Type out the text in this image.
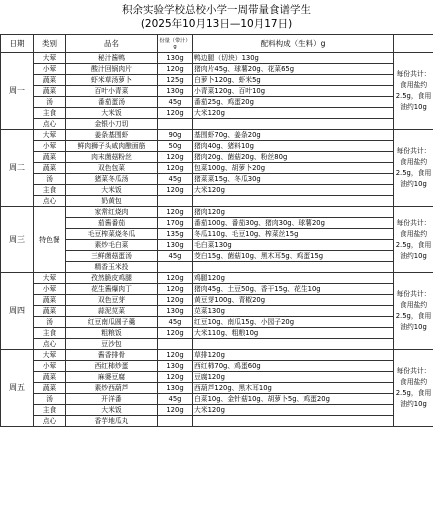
积余实验学校总校小学一周带量食谱学生
(2025年10月13日—10月17日)
日期	类别	品名	份量（带汁）g	配料构成（生料）g	
周一	大荤	秘汁酱鸭	130g	鸭边腿（切块）130g	每份共计：食用盐约2.5g，食用油约10g
	小荤	酸汁回锅肉片	120g	猪肉片45g、球薯20g、花菜65g	
	蔬菜	虾米草汤萝卜	125g	白萝卜120g、虾米5g	
	蔬菜	百叶小青菜	130g	小青菜120g、百叶10g	
	汤	番茄蛋汤	45g	番茄25g、鸡蛋20g	
	主食	大米饭	120g	大米120g	
	点心	金银小刀切			
周二	大荤	姜条基围虾	90g	基围虾70g、姜条20g	每份共计：食用盐约2.5g，食用油约10g
	小荤	鲜肉狮子头咸肉酿面筋	50g	猪肉40g、猪料10g	
	蔬菜	肉末菌菇粉丝	120g	猪肉20g、菌菇20g、粉丝80g	
	蔬菜	双色包菜	120g	包菜100g、胡萝卜20g	
	汤	猪菜冬瓜汤	45g	猪菜菜15g、冬瓜30g	
	主食	大米饭	120g	大米120g	
	点心	奶黄包			
周三	特色餐	家常红烧肉	120g	猪肉120g	每份共计：食用盐约2.5g，食用油约10g
		茄酱番茄	170g	番茄100g、番茄30g、猪肉30g、球薯20g	
		毛豆榨菜烧冬瓜	135g	冬瓜110g、毛豆10g、榨菜丝15g	
		素炒毛白菜	130g	毛白菜130g	
		三鲜菌菇蛋汤	45g	茭白15g、菌菇10g、黑木耳5g、鸡蛋15g	
		精香玉米投			
周四	大荤	孜然脆皮鸡腿	120g	鸡腿120g	每份共计：食用盐约2.5g，食用油约10g
	小荤	花生酱爆肉丁	120g	猪肉45g、土豆50g、香干15g、花生10g	
	蔬菜	双色豆芽	120g	黄豆芽100g、青椒20g	
	蔬菜	蒜泥苋菜	130g	苋菜130g	
	汤	红豆南瓜圆子羹	45g	红豆10g、南瓜15g、小园子20g	
	主食	粗粮饭	120g	大米110g、粗粮10g	
	点心	豆沙包			
周五	大荤	酱香排骨	120g	草排120g	每份共计：食用盐约2.5g，食用油约10g
	小荤	西红柿炒蛋	130g	西红柿70g、鸡蛋60g	
	蔬菜	麻婆豆腐	120g	豆腐120g	
	蔬菜	素炒西葫芦	130g	西葫芦120g、黑木耳10g	
	汤	开洋番	45g	白菜10g、金针菇10g、胡萝卜5g、鸡蛋20g	
	主食	大米饭	120g	大米120g	
	点心	香芋地瓜丸			
